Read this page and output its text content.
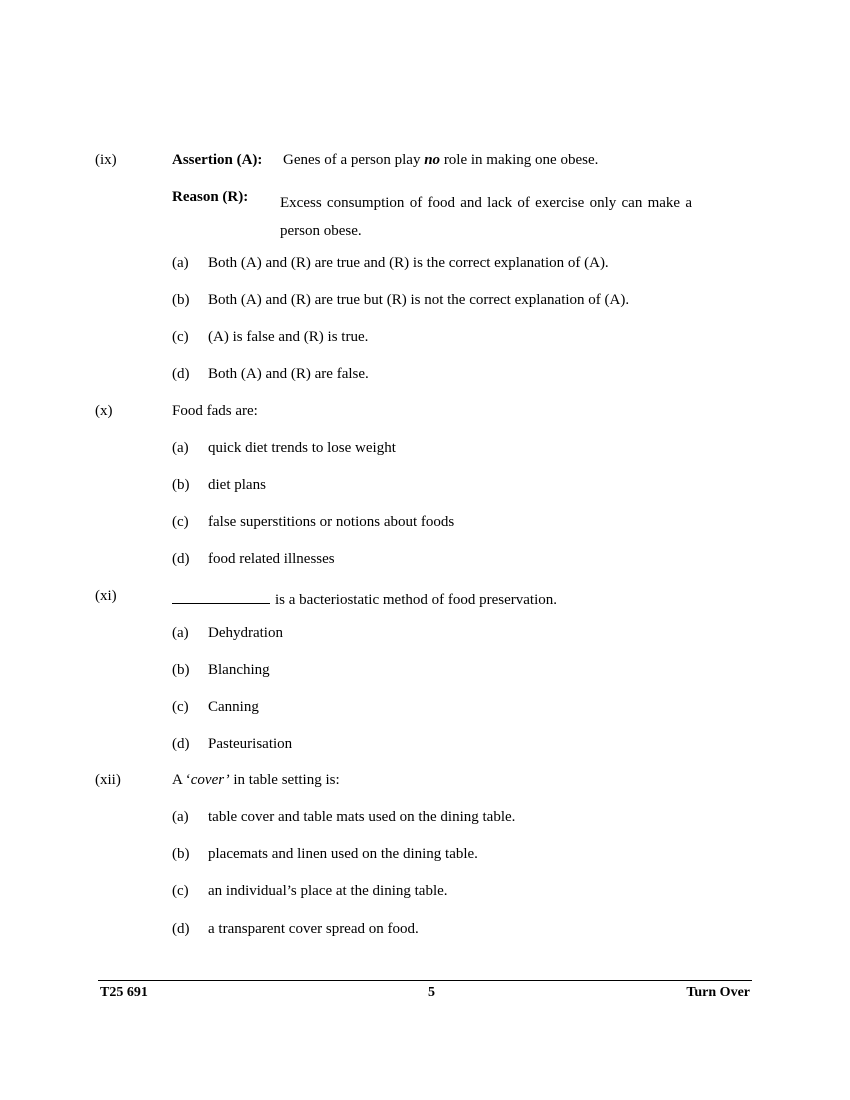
(ix)	Assertion (A): Genes of a person play no role in making one obese.
Reason (R): Excess consumption of food and lack of exercise only can make a person obese.
(a) Both (A) and (R) are true and (R) is the correct explanation of (A).
(b) Both (A) and (R) are true but (R) is not the correct explanation of (A).
(c) (A) is false and (R) is true.
(d) Both (A) and (R) are false.
(x)	Food fads are:
(a) quick diet trends to lose weight
(b) diet plans
(c) false superstitions or notions about foods
(d) food related illnesses
(xi)	is a bacteriostatic method of food preservation.
(a) Dehydration
(b) Blanching
(c) Canning
(d) Pasteurisation
(xii)	A ‘cover’ in table setting is:
(a) table cover and table mats used on the dining table.
(b) placemats and linen used on the dining table.
(c) an individual’s place at the dining table.
(d) a transparent cover spread on food.
T25 691	5	Turn Over
